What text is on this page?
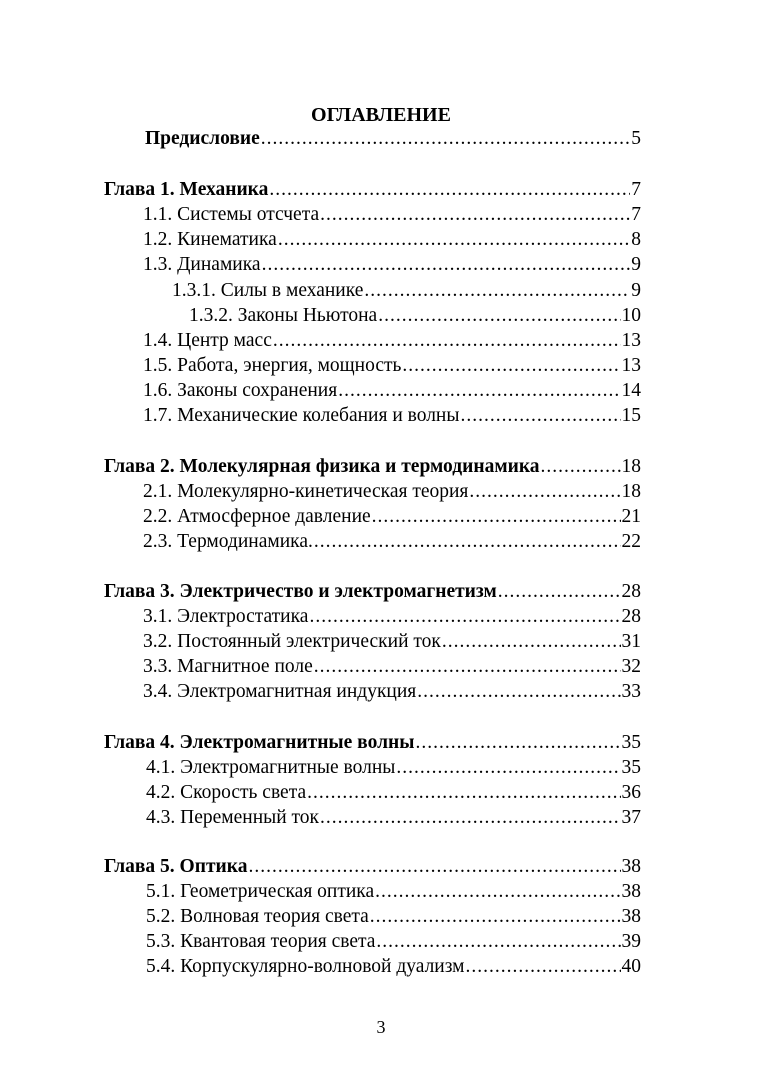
ОГЛАВЛЕНИЕ
Предисловие .....	5
Глава 1. Механика .....	7
1.1. Системы отсчета .....	7
1.2. Кинематика .....	8
1.3. Динамика .....	9
1.3.1. Силы в механике .....	9
1.3.2. Законы Ньютона .....	10
1.4. Центр масс .....	13
1.5. Работа, энергия, мощность .....	13
1.6. Законы сохранения .....	14
1.7. Механические колебания и волны .....	15
Глава 2. Молекулярная физика и термодинамика .....	18
2.1. Молекулярно-кинетическая теория .....	18
2.2. Атмосферное давление .....	21
2.3. Термодинамика. .....	22
Глава 3. Электричество и электромагнетизм .....	28
3.1. Электростатика .....	28
3.2. Постоянный электрический ток .....	31
3.3. Магнитное поле .....	32
3.4. Электромагнитная индукция .....	33
Глава 4. Электромагнитные волны .....	35
4.1. Электромагнитные волны .....	35
4.2. Скорость света .....	36
4.3. Переменный ток .....	37
Глава 5. Оптика .....	38
5.1. Геометрическая оптика .....	38
5.2. Волновая теория света .....	38
5.3. Квантовая теория света .....	39
5.4. Корпускулярно-волновой дуализм .....	40
3
